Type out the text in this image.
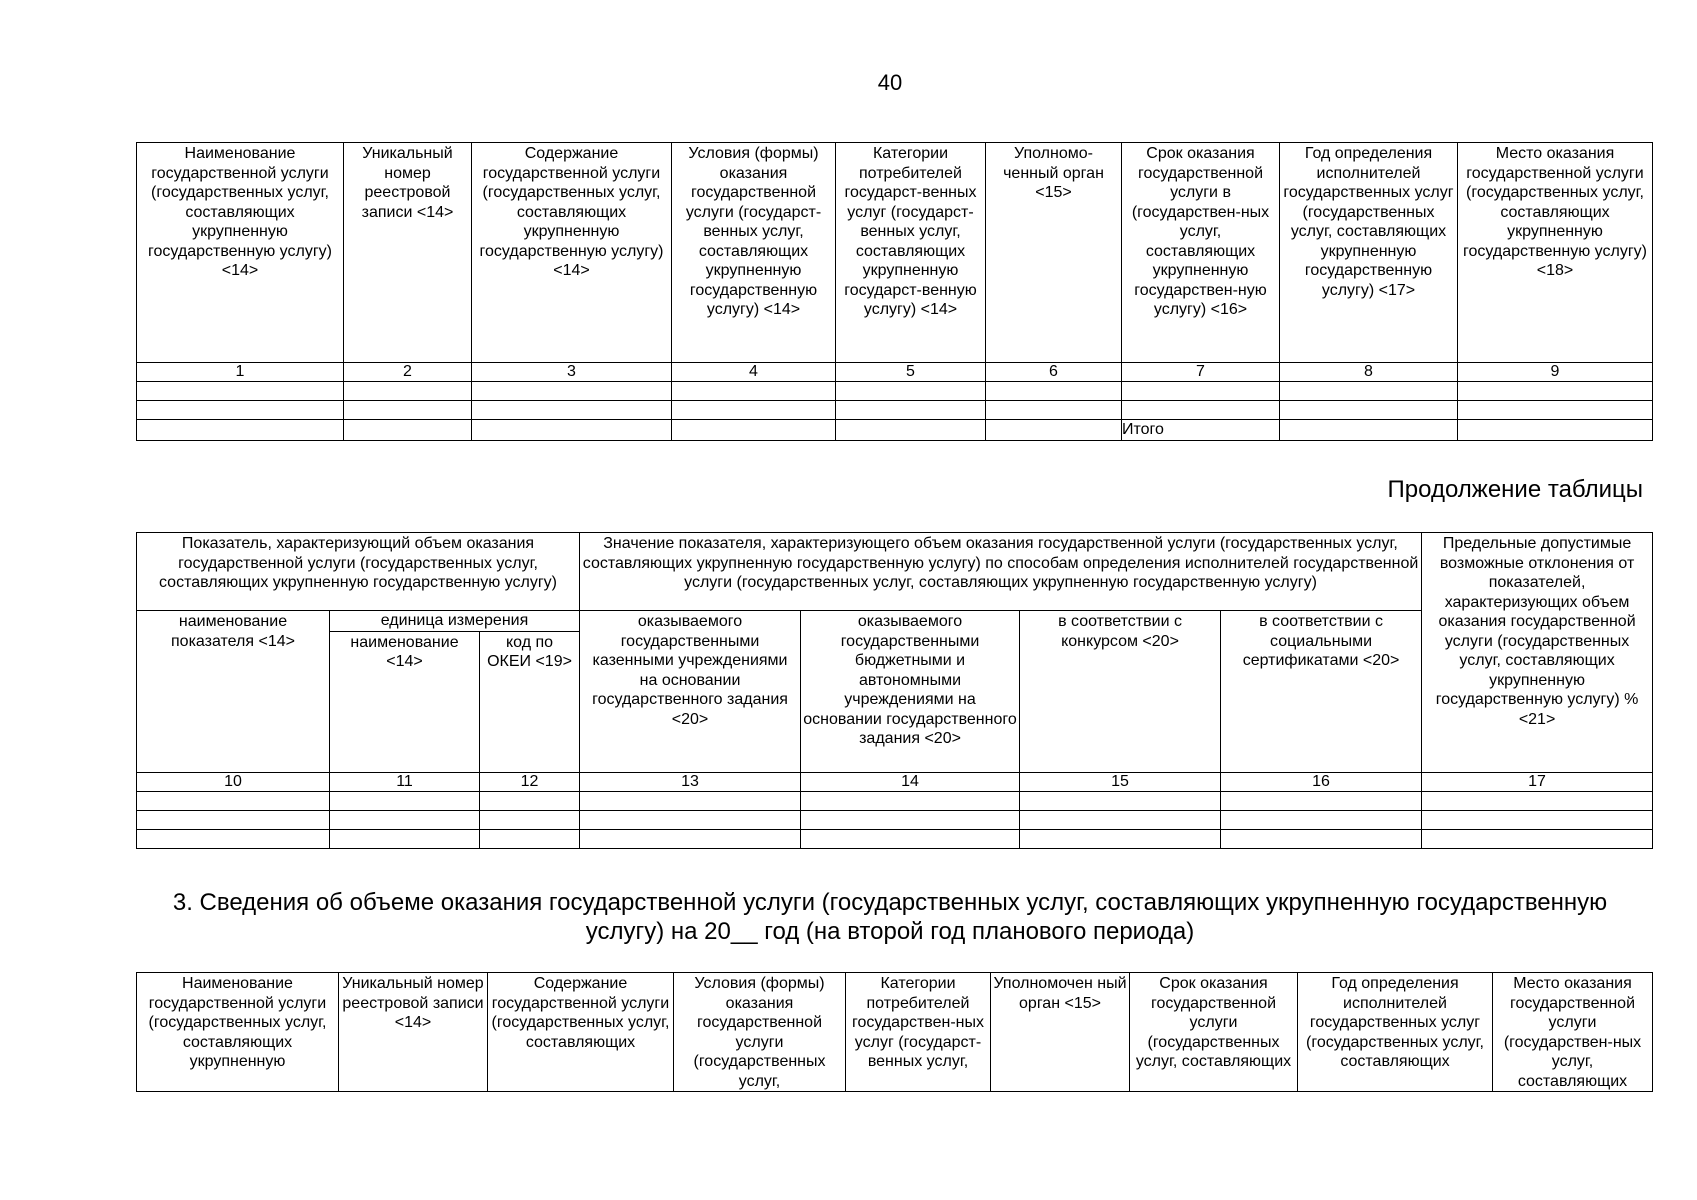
40
Наименование государственной услуги (государственных услуг, составляющих укрупненную государственную услугу) <14>	Уникальный номер реестровой записи <14>	Содержание государственной услуги (государственных услуг, составляющих укрупненную государственную услугу) <14>	Условия (формы) оказания государственной услуги (государст-венных услуг, составляющих укрупненную государственную услугу) <14>	Категории потребителей государст-венных услуг (государст-венных услуг, составляющих укрупненную государст-венную услугу) <14>	Уполномо-ченный орган <15>	Срок оказания государственной услуги в (государствен-ных услуг, составляющих укрупненную государствен-ную услугу) <16>	Год определения исполнителей государственных услуг (государственных услуг, составляющих укрупненную государственную услугу) <17>	Место оказания государственной услуги (государственных услуг, составляющих укрупненную государственную услугу) <18>
1	2	3	4	5	6	7	8	9

						Итого		
Продолжение таблицы
Показатель, характеризующий объем оказания государственной услуги (государственных услуг, составляющих укрупненную государственную услугу)			Значение показателя, характеризующего объем оказания государственной услуги (государственных услуг, составляющих укрупненную государственную услугу) по способам определения исполнителей государственной услуги (государственных услуг, составляющих укрупненную государственную услугу)				Предельные допустимые возможные отклонения от показателей, характеризующих объем оказания государственной услуги (государственных услуг, составляющих укрупненную государственную услугу) % <21>
наименование показателя <14>	единица измерения		оказываемого государственными казенными учреждениями на основании государственного задания <20>	оказываемого государственными бюджетными и автономными учреждениями на основании государственного задания <20>	в соответствии с конкурсом <20>	в соответствии с социальными сертификатами <20>	
	наименование <14>	код по ОКЕИ <19>					
10	11	12	13	14	15	16	17

3. Сведения об объеме оказания государственной услуги (государственных услуг, составляющих укрупненную государственную услугу) на 20__ год (на второй год планового периода)
Наименование государственной услуги (государственных услуг, составляющих укрупненную	Уникальный номер реестровой записи <14>	Содержание государственной услуги (государственных услуг, составляющих	Условия (формы) оказания государственной услуги (государственных услуг,	Категории потребителей государствен-ных услуг (государст-венных услуг,	Уполномочен ный орган <15>	Срок оказания государственной услуги (государственных услуг, составляющих	Год определения исполнителей государственных услуг (государственных услуг, составляющих	Место оказания государственной услуги (государствен-ных услуг, составляющих
